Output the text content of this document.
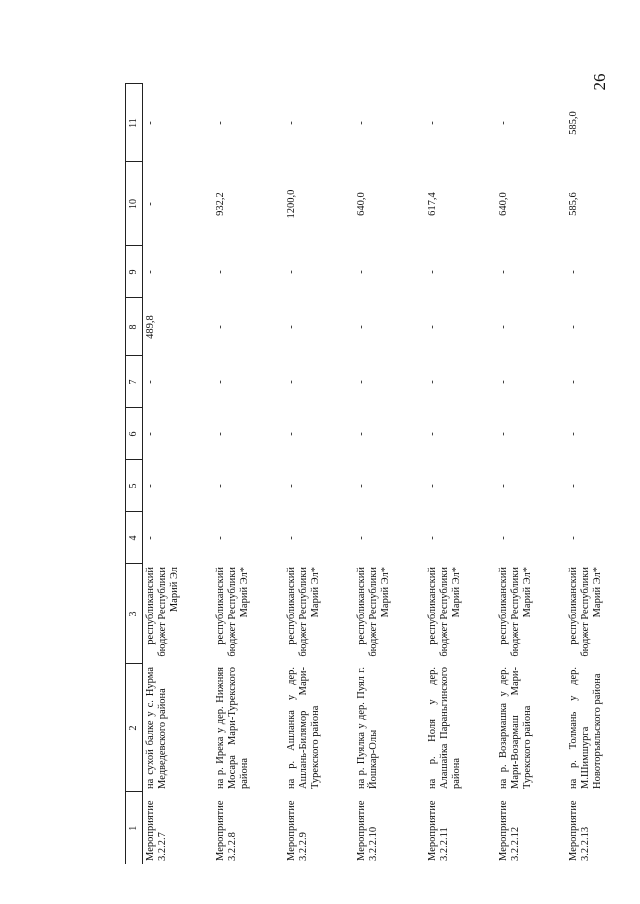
26
1	2	3	4	5	6	7	8	9	10	11
Мероприятие 3.2.2.7	на сухой балке у с. Нурма Медведевского района	республиканский бюджет Республики Марий Эл	-	-	-	-	489,8	-	-	-
Мероприятие 3.2.2.8	на р. Ирека у дер. Нижняя Мосара Мари-Турекского района	республиканский бюджет Республики Марий Эл*	-	-	-	-	-	-	932,2	-
Мероприятие 3.2.2.9	на р. Ашланка у дер. Ашлань-Билямор Мари-Турекского района	республиканский бюджет Республики Марий Эл*	-	-	-	-	-	-	1200,0	-
Мероприятие 3.2.2.10	на р. Пуялка у дер. Пуял г. Йошкар-Олы	республиканский бюджет Республики Марий Эл*	-	-	-	-	-	-	640,0	-
Мероприятие 3.2.2.11	на р. Ноля у дер. Алашайка Параньгинского района	республиканский бюджет Республики Марий Эл*	-	-	-	-	-	-	617,4	-
Мероприятие 3.2.2.12	на р. Возармашка у дер. Мари-Возармаш Мари-Турекского района	республиканский бюджет Республики Марий Эл*	-	-	-	-	-	-	640,0	-
Мероприятие 3.2.2.13	на р. Толмань у дер. М.Шимшурга Новоторъяльского района	республиканский бюджет Республики Марий Эл*	-	-	-	-	-	-	585,6	585,0
